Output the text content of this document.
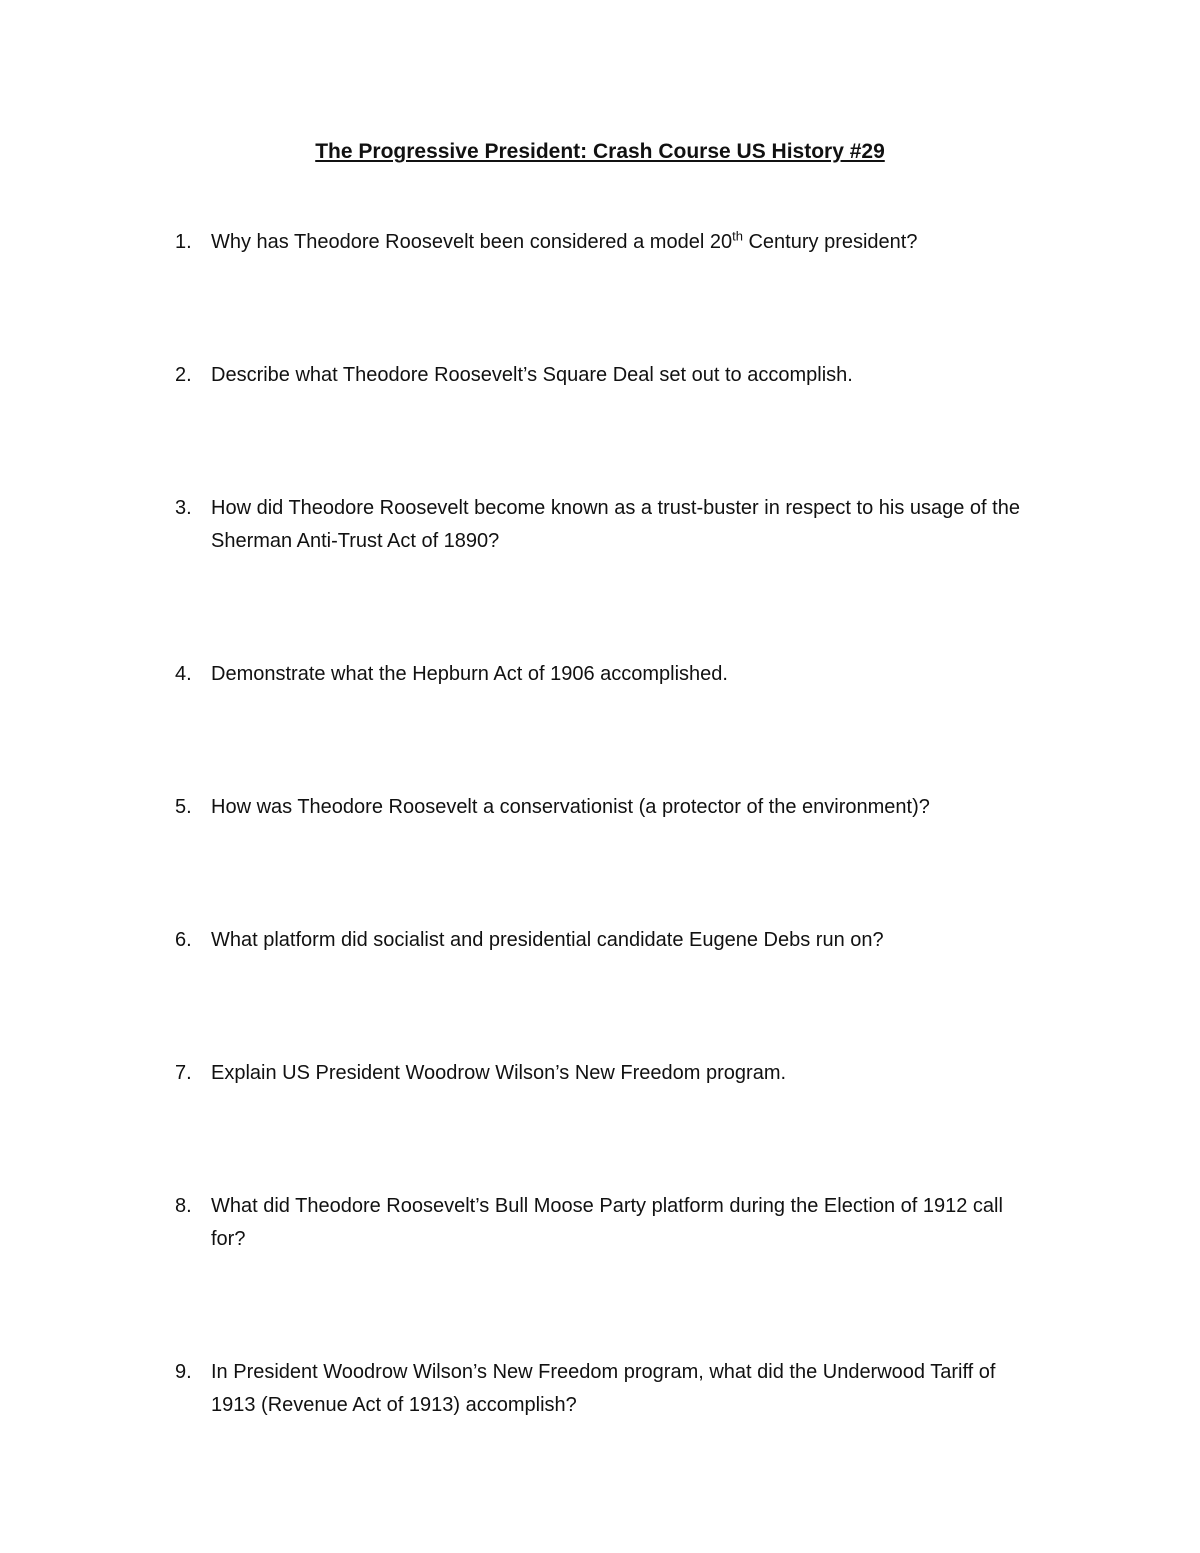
The Progressive President: Crash Course US History #29
1. Why has Theodore Roosevelt been considered a model 20th Century president?
2. Describe what Theodore Roosevelt’s Square Deal set out to accomplish.
3. How did Theodore Roosevelt become known as a trust-buster in respect to his usage of the Sherman Anti-Trust Act of 1890?
4. Demonstrate what the Hepburn Act of 1906 accomplished.
5. How was Theodore Roosevelt a conservationist (a protector of the environment)?
6. What platform did socialist and presidential candidate Eugene Debs run on?
7. Explain US President Woodrow Wilson’s New Freedom program.
8. What did Theodore Roosevelt’s Bull Moose Party platform during the Election of 1912 call for?
9. In President Woodrow Wilson’s New Freedom program, what did the Underwood Tariff of 1913 (Revenue Act of 1913) accomplish?
